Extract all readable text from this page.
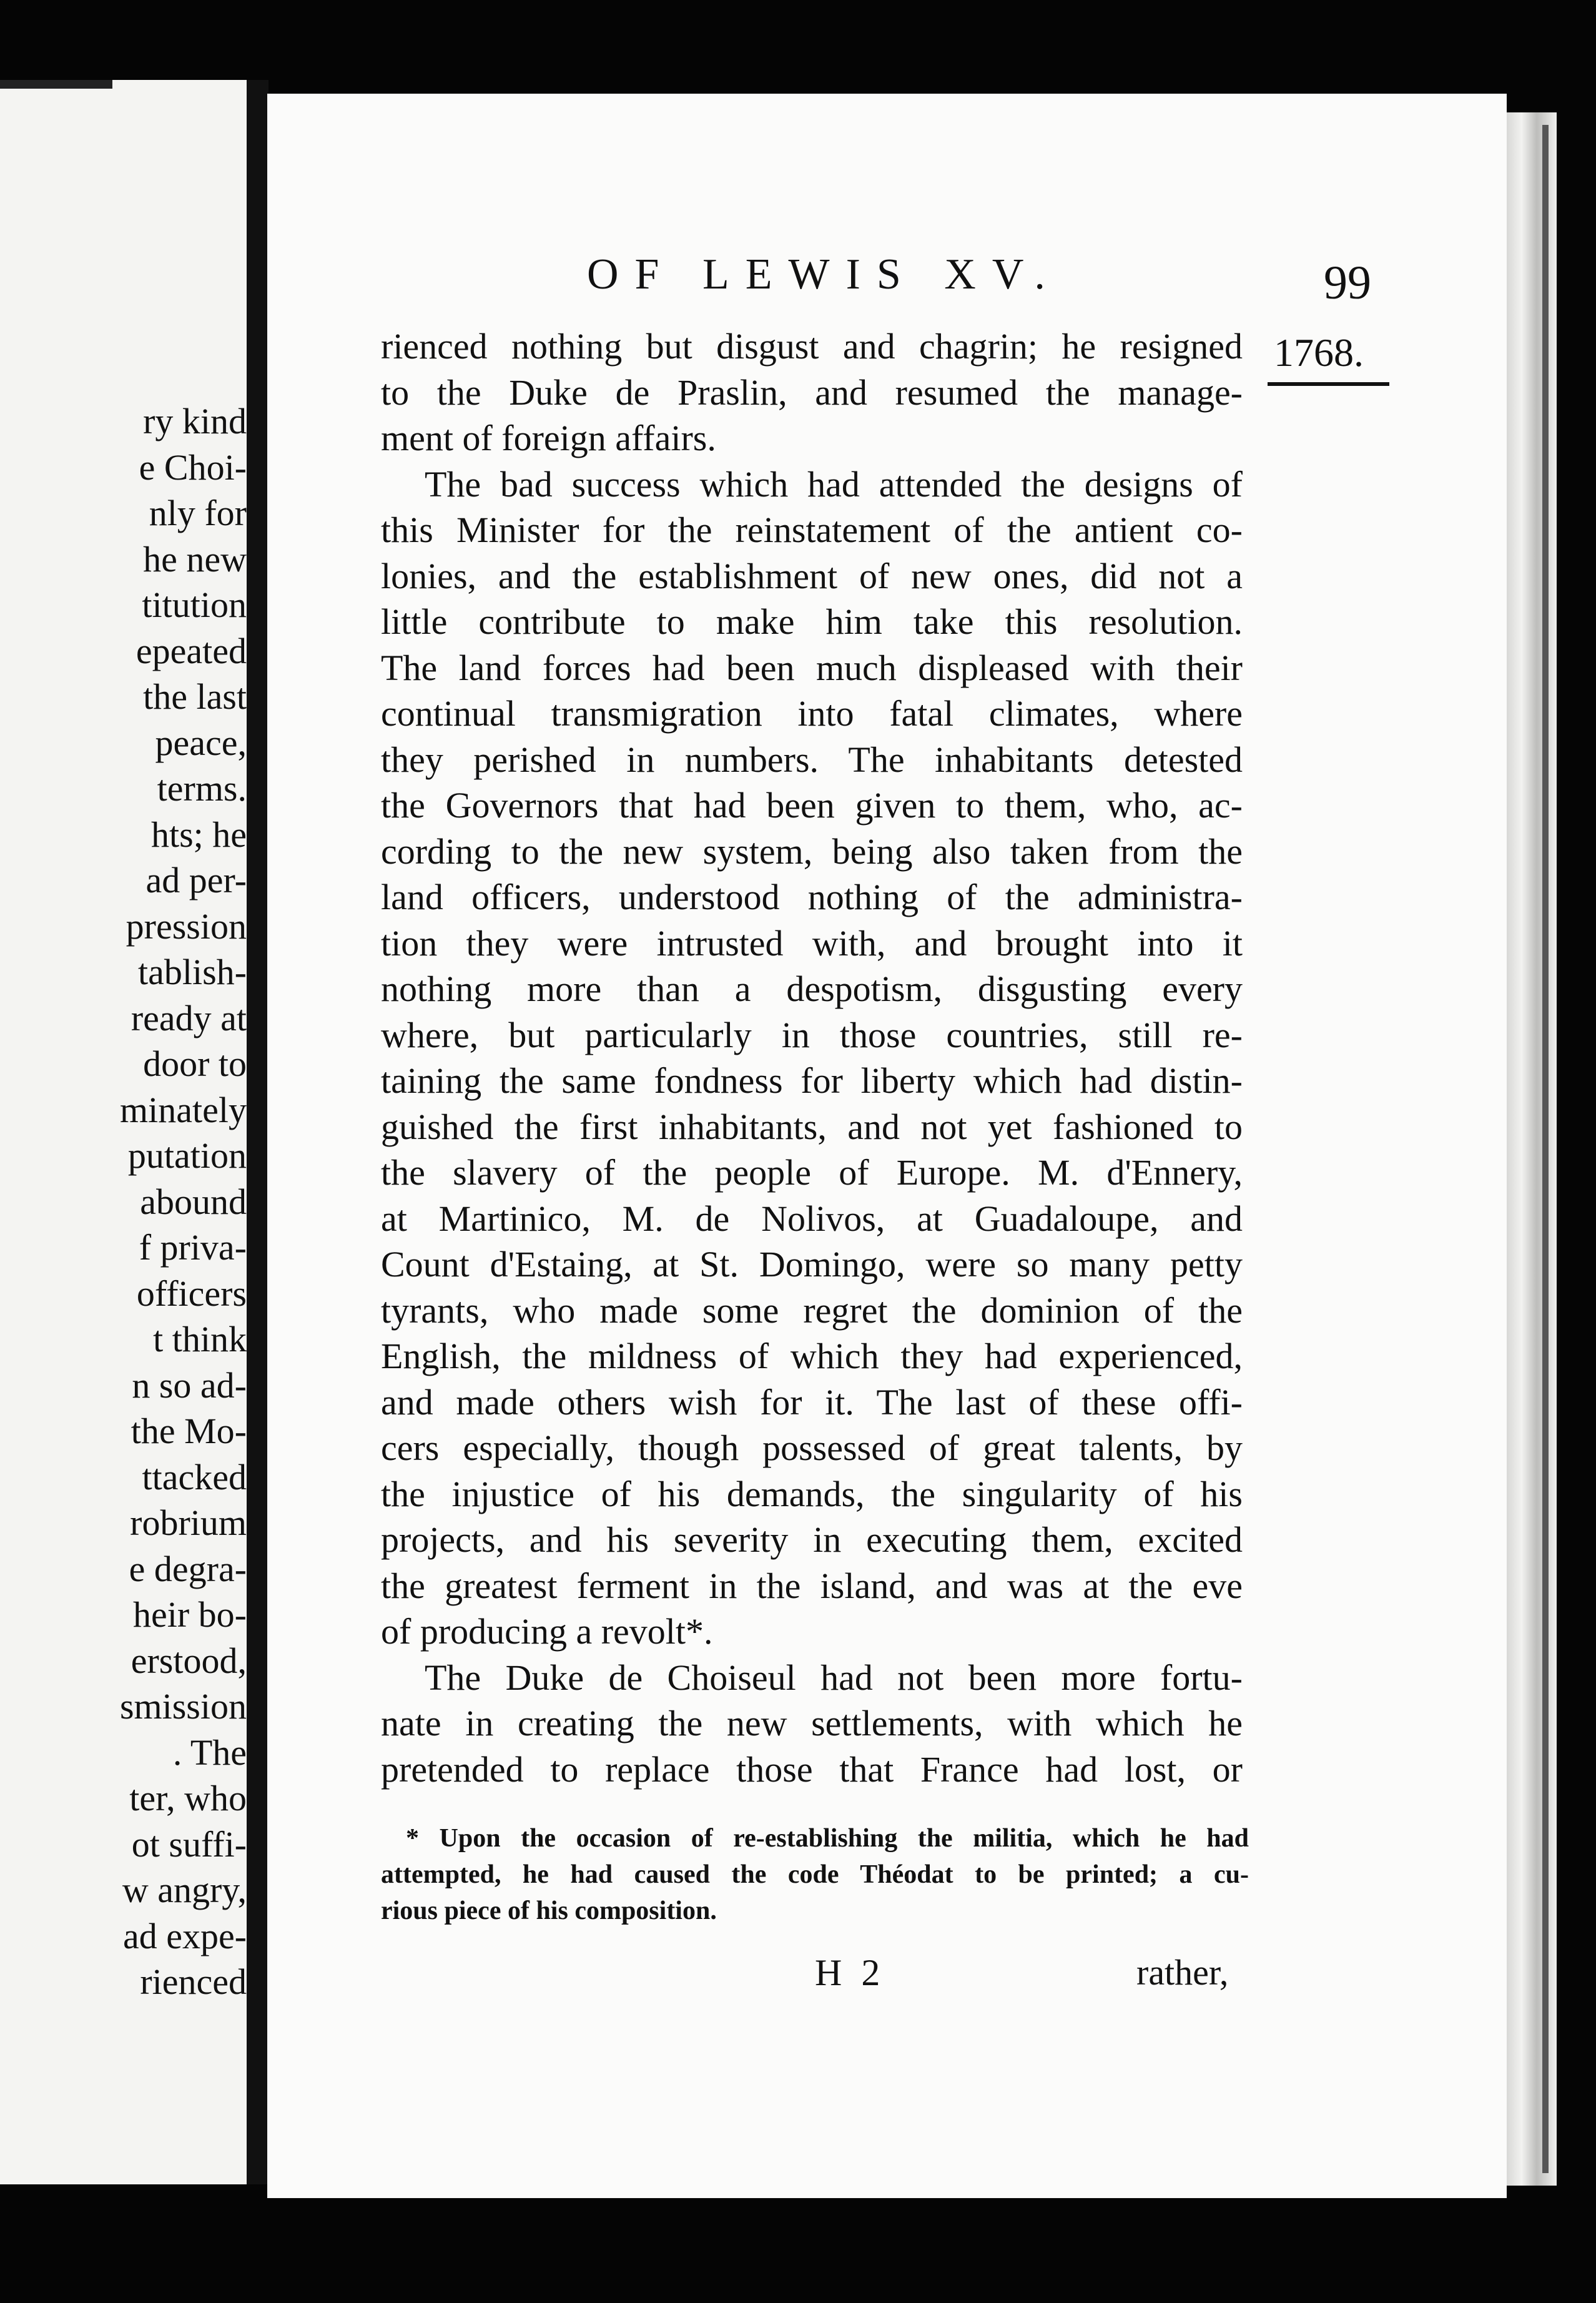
ry kind
e Choi-
nly for
he new
titution
epeated
the last
peace,
terms.
hts; he
ad per-
pression
tablish-
ready at
door to
minately
putation
abound
f priva-
officers
t think
n so ad-
the Mo-
ttacked
robrium
e degra-
heir bo-
erstood,
smission
. The
ter, who
ot suffi-
w angry,
ad expe-
rienced
OF LEWIS XV.	99
1768.
rienced nothing but disgust and chagrin; he resigned
to the Duke de Praslin, and resumed the manage-
ment of foreign affairs.
The bad success which had attended the designs of
this Minister for the reinstatement of the antient co-
lonies, and the establishment of new ones, did not a
little contribute to make him take this resolution.
The land forces had been much displeased with their
continual transmigration into fatal climates, where
they perished in numbers. The inhabitants detested
the Governors that had been given to them, who, ac-
cording to the new system, being also taken from the
land officers, understood nothing of the administra-
tion they were intrusted with, and brought into it
nothing more than a despotism, disgusting every
where, but particularly in those countries, still re-
taining the same fondness for liberty which had distin-
guished the first inhabitants, and not yet fashioned to
the slavery of the people of Europe. M. d'Ennery,
at Martinico, M. de Nolivos, at Guadaloupe, and
Count d'Estaing, at St. Domingo, were so many petty
tyrants, who made some regret the dominion of the
English, the mildness of which they had experienced,
and made others wish for it. The last of these offi-
cers especially, though possessed of great talents, by
the injustice of his demands, the singularity of his
projects, and his severity in executing them, excited
the greatest ferment in the island, and was at the eve
of producing a revolt*.
The Duke de Choiseul had not been more fortu-
nate in creating the new settlements, with which he
pretended to replace those that France had lost, or
* Upon the occasion of re-establishing the militia, which he had
attempted, he had caused the code Théodat to be printed; a cu-
rious piece of his composition.
H 2	rather,
